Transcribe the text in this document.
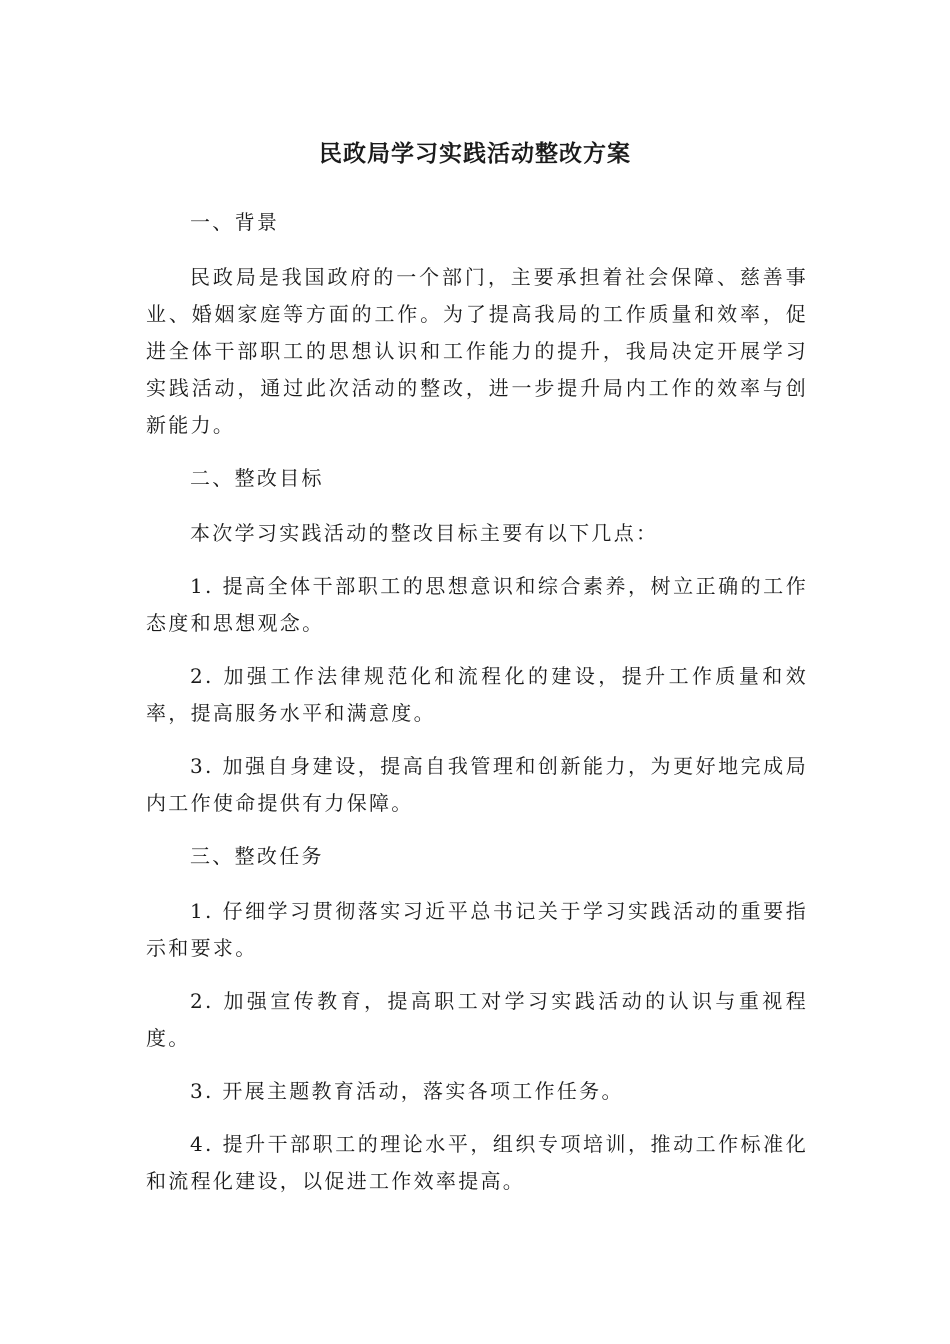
民政局学习实践活动整改方案

一、背景

民政局是我国政府的一个部门，主要承担着社会保障、慈善事业、婚姻家庭等方面的工作。为了提高我局的工作质量和效率，促进全体干部职工的思想认识和工作能力的提升，我局决定开展学习实践活动，通过此次活动的整改，进一步提升局内工作的效率与创新能力。

二、整改目标

本次学习实践活动的整改目标主要有以下几点：

1. 提高全体干部职工的思想意识和综合素养，树立正确的工作态度和思想观念。

2. 加强工作法律规范化和流程化的建设，提升工作质量和效率，提高服务水平和满意度。

3. 加强自身建设，提高自我管理和创新能力，为更好地完成局内工作使命提供有力保障。

三、整改任务

1. 仔细学习贯彻落实习近平总书记关于学习实践活动的重要指示和要求。

2. 加强宣传教育，提高职工对学习实践活动的认识与重视程度。

3. 开展主题教育活动，落实各项工作任务。

4. 提升干部职工的理论水平，组织专项培训，推动工作标准化和流程化建设，以促进工作效率提高。
